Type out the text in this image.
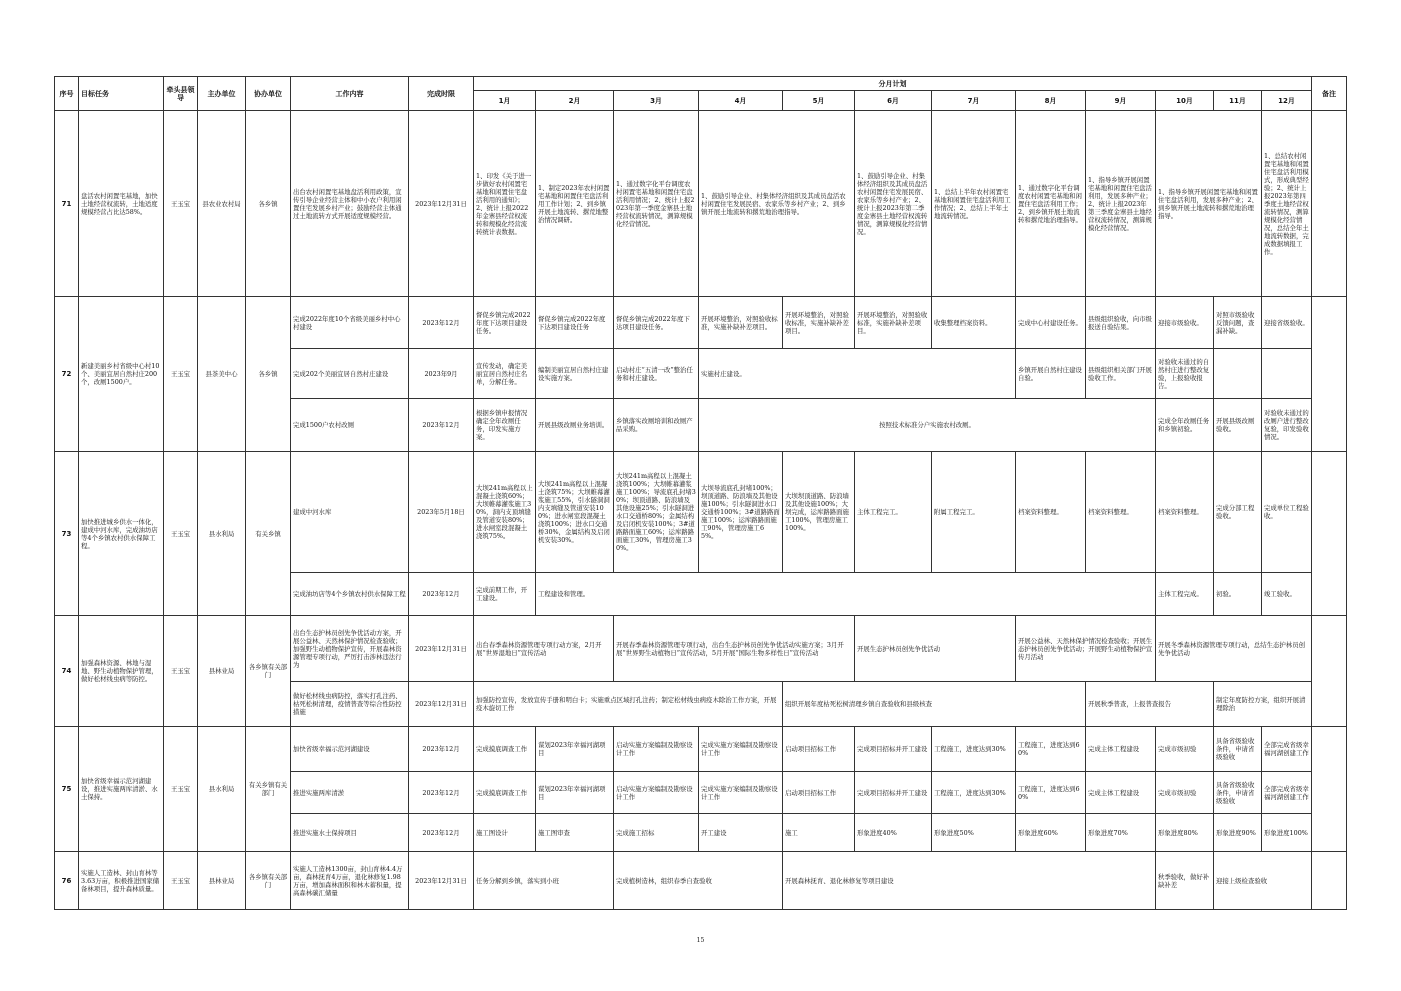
序号	目标任务	牵头县领导	主办单位	协办单位	工作内容	完成时限	分月计划												备注	
							1月	2月	3月	4月	5月	6月	7月	8月	9月	10月	11月	12月		
71	盘活农村闲置宅基地，加快土地经营权流转，土地适度规模经营占比达58%。	王玉宝	县农业农村局	各乡镇	出台农村闲置宅基地盘活利用政策，宣传引导企业经营主体和中小农户利用闲置住宅发展乡村产业；鼓励经营主体通过土地流转方式开展适度规模经营。	2023年12月31日	1、印发《关于进一步做好农村闲置宅基地和闲置住宅盘活利用的通知》；2、统计上报2022年金寨县经营权流转和规模化经营流转统计表数据。	1、制定2023年农村闲置宅基地和闲置住宅盘活利用工作计划；2、到乡镇开展土地流转、撂荒地整治情况调研。	1、通过数字化平台调度农村闲置宅基地和闲置住宅盘活利用情况；2、统计上报2023年第一季度金寨县土地经营权流转情况，测算规模化经营情况。	1、鼓励引导企业、村集体经济组织及其成员盘活农村闲置住宅发展民宿、农家乐等乡村产业；2、到乡镇开展土地流转和撂荒地治理指导。		1、鼓励引导企业、村集体经济组织及其成员盘活农村闲置住宅发展民宿、农家乐等乡村产业；2、统计上报2023年第二季度金寨县土地经营权流转情况，测算规模化经营情况。	1、总结上半年农村闲置宅基地和闲置住宅盘活利用工作情况；2、总结上半年土地流转情况。	1、通过数字化平台调度农村闲置宅基地和闲置住宅盘活利用工作；2、到乡镇开展土地流转和撂荒地治理指导。	1、指导乡镇开展闲置宅基地和闲置住宅盘活利用，发展多种产业；2、统计上报2023年第三季度金寨县土地经营权流转情况，测算规模化经营情况。	1、指导乡镇开展闲置宅基地和闲置住宅盘活利用，发展多种产业；2、到乡镇开展土地流转和撂荒地治理指导。		1、总结农村闲置宅基地和闲置住宅盘活利用模式，形成典型经验；2、统计上报2023年第四季度土地经营权流转情况，测算规模化经营情况，总结全年土地流转数据，完成数据填报工作。		
72	新建美丽乡村省级中心村10个、美丽宜居自然村庄200个，改厕1500户。	王玉宝	县茶美中心	各乡镇	完成2022年度10个省级美丽乡村中心村建设	2023年12月	督促乡镇完成2022年度下达项目建设任务。	督促乡镇完成2022年度下达项目建设任务	督促乡镇完成2022年度下达项目建设任务。	开展环境整治，对照验收标准，实施补缺补差项目。	开展环境整治，对照验收标准，实施补缺补差项目。	开展环境整治，对照验收标准，实施补缺补差项目。	收集整理档案资料。	完成中心村建设任务。	县级组织验收，向市级报送自验结果。	迎接市级验收。	对照市级验收反馈问题，查漏补缺。	迎接省级验收。		
					完成202个美丽宜居自然村庄建设	2023年9月	宣传发动，确定美丽宜居自然村庄名单，分解任务。	编制美丽宜居自然村庄建设实施方案。	启动村庄“五清一改”整治任务和村庄建设。	实施村庄建设。				乡镇开展自然村庄建设自验。	县级组织相关部门开展验收工作。	对验收未通过的自然村庄进行整改复验，上报验收报告。				
					完成1500户农村改厕	2023年12月	根据乡镇申报情况确定全年改厕任务，印发实施方案。	开展县级改厕业务培训。	乡镇落实改厕培训和改厕产品采购。	按照技术标准分户实施农村改厕。						完成全年改厕任务和乡镇初验。	开展县级改厕验收。	对验收未通过的改厕户进行整改复验，印发验收情况。		
73	加快推进城乡供水一体化，建成中河水库，完成油坊店等4个乡镇农村供水保障工程。	王玉宝	县水利局	有关乡镇	建成中河水库	2023年5月18日	大坝241m高程以上混凝土浇筑60%；大坝帷幕灌浆施工30%，洞内支顶填缝及管道安装80%；进水闸室段混凝土浇筑75%。	大坝241m高程以上混凝土浇筑75%；大坝帷幕灌浆施工55%，引水隧洞洞内支填缝及管道安装100%；进水闸室段混凝土浇筑100%；进水口交通桥30%，金属结构及启闭机安装30%。	大坝241m高程以上混凝土浇筑100%；大坝帷幕灌浆施工100%；导流底孔封堵30%；坝顶道路、防浪墙及其他设施25%；引水隧洞进水口交通桥80%；金属结构及启闭机安装100%；3#道路路面施工60%；运库路路面施工30%，管理房施工30%。	大坝导流底孔封堵100%；坝顶道路、防浪墙及其他设施100%；引水隧洞进水口交通桥100%；3#道路路面施工100%；运库路路面施工90%，管理房施工65%。	大坝坝顶道路、防浪墙及其他设施100%；大坝完成，运库路路面施工100%，管理房施工100%。	主体工程完工。	附属工程完工。	档案资料整理。	档案资料整理。	档案资料整理。	完成分部工程验收。	完成单位工程验收。		
					完成油坊店等4个乡镇农村供水保障工程	2023年12月	完成前期工作，开工建设。	工程建设和管理。								主体工程完成。	初验。	竣工验收。	
74	加强森林资源、林地与湿地、野生动植物保护管理，做好松材线虫病等防控。	王玉宝	县林业局	各乡镇有关部门	出台生态护林员创先争优活动方案，开展公益林、天然林保护情况检查验收；加强野生动植物保护宣传，开展森林资源管理专项行动，严厉打击涉林违法行为	2023年12月31日	出台春季森林资源管理专项行动方案，2月开展“世界湿地日”宣传活动		开展春季森林资源管理专项行动，出台生态护林员创先争优活动实施方案；3月开展“世界野生动植物日”宣传活动，5月开展“国际生物多样性日”宣传活动			开展生态护林员创先争优活动		开展公益林、天然林保护情况检查验收；开展生态护林员创先争优活动；开展野生动植物保护宣传月活动		开展冬季森林资源管理专项行动，总结生态护林员创先争优活动				
					做好松材线虫病防控，落实打孔注药、枯死松树清理，疫情普查等综合性防控措施	2023年12月31日	加强防控宣传，发放宣传手册和明白卡；实施重点区域打孔注药；制定松材线虫病疫木除治工作方案，开展疫木旋切工作				组织开展年度枯死松树清理乡镇自查验收和县级核查				开展秋季普查，上报普查报告		制定年度防控方案，组织开展清理除治			
75	加快省级幸福示范河湖建设，推进实施两库清淤、水土保持。	王玉宝	县水利局	有关乡镇有关部门	加快省级幸福示范河湖建设	2023年12月	完成摸底调查工作	谋划2023年幸福河湖项目	启动实施方案编制及勘察设计工作	完成实施方案编制及勘察设计工作	启动项目招标工作	完成项目招标并开工建设	工程施工，进度达到30%	工程施工，进度达到60%	完成主体工程建设	完成市级初验	具备省级验收条件，申请省级验收	全部完成省级幸福河湖创建工作		
					推进实施两库清淤	2023年12月	完成摸底调查工作	谋划2023年幸福河湖项目	启动实施方案编制及勘察设计工作	完成实施方案编制及勘察设计工作	启动项目招标工作	完成项目招标并开工建设	工程施工，进度达到30%	工程施工，进度达到60%	完成主体工程建设	完成市级初验	具备省级验收条件，申请省级验收	全部完成省级幸福河湖创建工作		
					推进实施水土保持项目	2023年12月	施工图设计	施工图审查	完成施工招标	开工建设	施工	形象进度40%	形象进度50%	形象进度60%	形象进度70%	形象进度80%	形象进度90%	形象进度100%		
76	实施人工造林、封山育林等3.63万亩，积极推进国家储备林项目，提升森林质量。	王玉宝	县林业局	各乡镇有关部门	实施人工造林1300亩，封山育林4.4万亩，森林抚育4万亩，退化林修复1.98万亩，增加森林面积和林木蓄积量，提高森林碳汇储量	2023年12月31日	任务分解到乡镇，落实到小班		完成植树造林，组织春季自查验收		开展森林抚育、退化林修复等项目建设					秋季验收，做好补缺补差	迎接上级检查验收			
15
